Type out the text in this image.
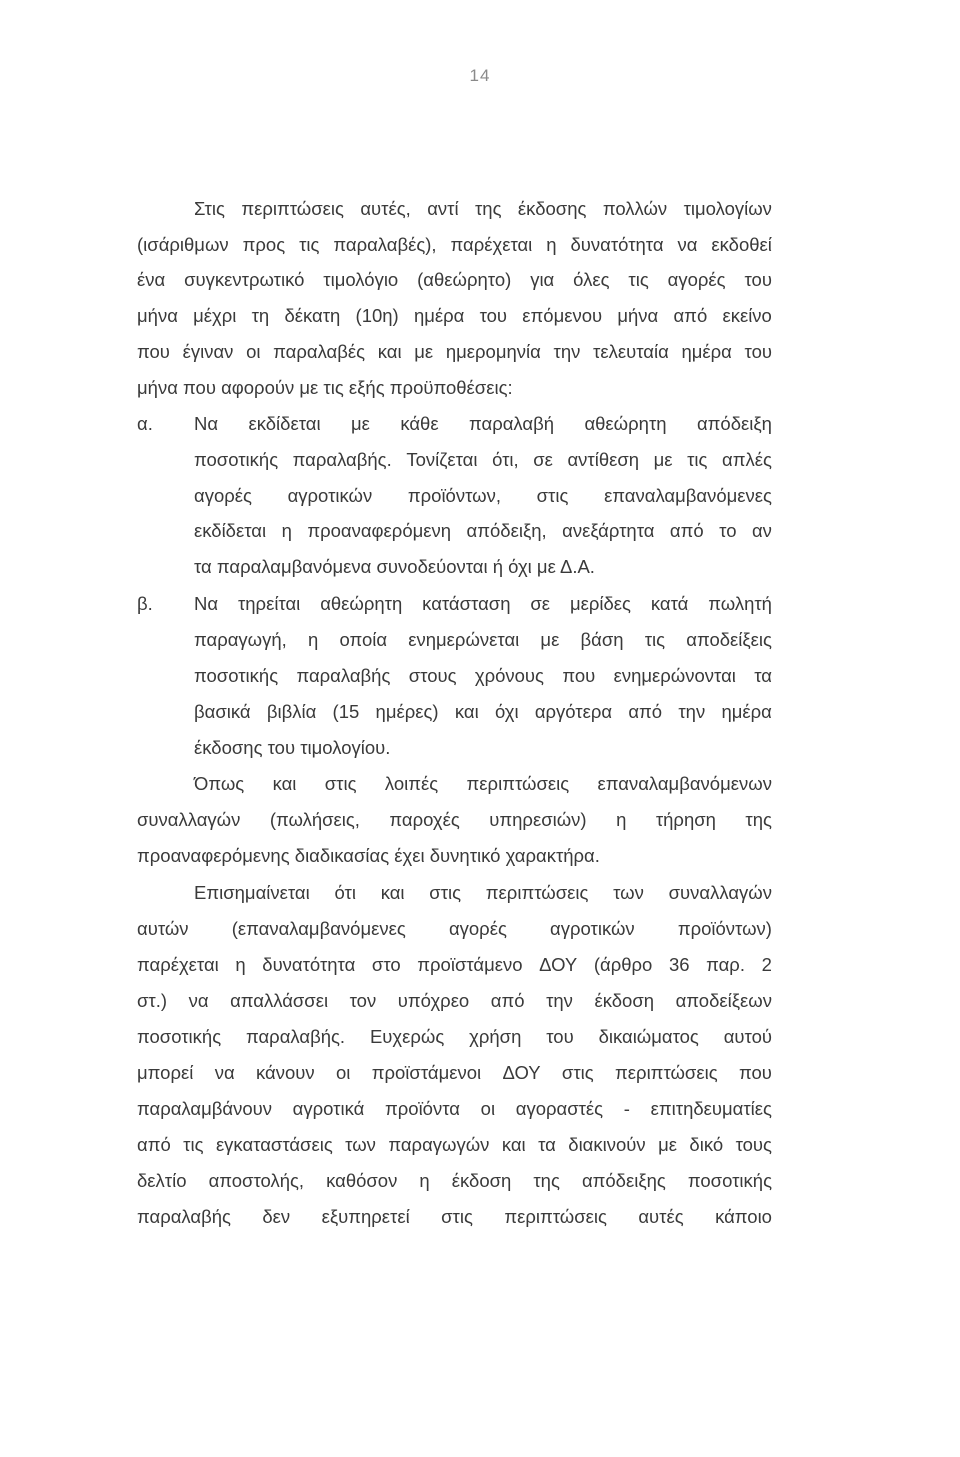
14
Στις περιπτώσεις αυτές, αντί της έκδοσης πολλών τιμολογίων
(ισάριθμων προς τις παραλαβές), παρέχεται η δυνατότητα να εκδοθεί
ένα συγκεντρωτικό τιμολόγιο (αθεώρητο) για όλες τις αγορές του
μήνα μέχρι τη δέκατη (10η) ημέρα του επόμενου μήνα από εκείνο
που έγιναν οι παραλαβές και με ημερομηνία την τελευταία ημέρα του
μήνα που αφορούν με τις εξής προϋποθέσεις:
α. Να εκδίδεται με κάθε παραλαβή αθεώρητη απόδειξη
ποσοτικής παραλαβής. Τονίζεται ότι, σε αντίθεση με τις απλές
αγορές αγροτικών προϊόντων, στις επαναλαμβανόμενες
εκδίδεται η προαναφερόμενη απόδειξη, ανεξάρτητα από το αν
τα παραλαμβανόμενα συνοδεύονται ή όχι με Δ.Α.
β. Να τηρείται αθεώρητη κατάσταση σε μερίδες κατά πωλητή
παραγωγή, η οποία ενημερώνεται με βάση τις αποδείξεις
ποσοτικής παραλαβής στους χρόνους που ενημερώνονται τα
βασικά βιβλία (15 ημέρες) και όχι αργότερα από την ημέρα
έκδοσης του τιμολογίου.
Όπως και στις λοιπές περιπτώσεις επαναλαμβανόμενων
συναλλαγών (πωλήσεις, παροχές υπηρεσιών) η τήρηση της
προαναφερόμενης διαδικασίας έχει δυνητικό χαρακτήρα.
Επισημαίνεται ότι και στις περιπτώσεις των συναλλαγών
αυτών (επαναλαμβανόμενες αγορές αγροτικών προϊόντων)
παρέχεται η δυνατότητα στο προϊστάμενο ΔΟΥ (άρθρο 36 παρ. 2
στ.) να απαλλάσσει τον υπόχρεο από την έκδοση αποδείξεων
ποσοτικής παραλαβής. Ευχερώς χρήση του δικαιώματος αυτού
μπορεί να κάνουν οι προϊστάμενοι ΔΟΥ στις περιπτώσεις που
παραλαμβάνουν αγροτικά προϊόντα οι αγοραστές - επιτηδευματίες
από τις εγκαταστάσεις των παραγωγών και τα διακινούν με δικό τους
δελτίο αποστολής, καθόσον η έκδοση της απόδειξης ποσοτικής
παραλαβής δεν εξυπηρετεί στις περιπτώσεις αυτές κάποιο
